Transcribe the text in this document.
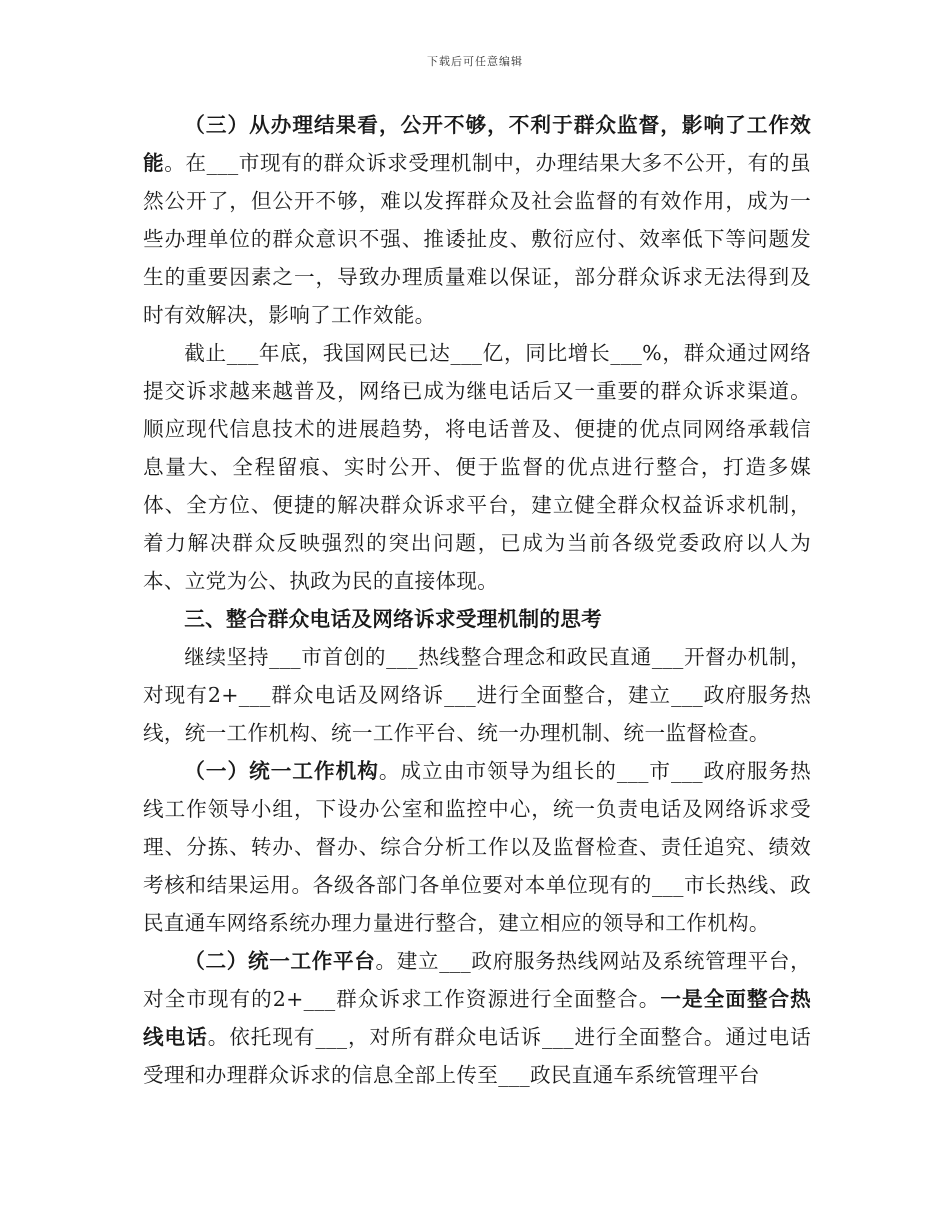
下载后可任意编辑

（三）从办理结果看，公开不够，不利于群众监督，影响了工作效能。在___市现有的群众诉求受理机制中，办理结果大多不公开，有的虽然公开了，但公开不够，难以发挥群众及社会监督的有效作用，成为一些办理单位的群众意识不强、推诿扯皮、敷衍应付、效率低下等问题发生的重要因素之一，导致办理质量难以保证，部分群众诉求无法得到及时有效解决，影响了工作效能。

截止___年底，我国网民已达___亿，同比增长___%，群众通过网络提交诉求越来越普及，网络已成为继电话后又一重要的群众诉求渠道。顺应现代信息技术的进展趋势，将电话普及、便捷的优点同网络承载信息量大、全程留痕、实时公开、便于监督的优点进行整合，打造多媒体、全方位、便捷的解决群众诉求平台，建立健全群众权益诉求机制，着力解决群众反映强烈的突出问题，已成为当前各级党委政府以人为本、立党为公、执政为民的直接体现。

三、整合群众电话及网络诉求受理机制的思考

继续坚持___市首创的___热线整合理念和政民直通___开督办机制，对现有2+___群众电话及网络诉___进行全面整合，建立___政府服务热线，统一工作机构、统一工作平台、统一办理机制、统一监督检查。

（一）统一工作机构。成立由市领导为组长的___市___政府服务热线工作领导小组，下设办公室和监控中心，统一负责电话及网络诉求受理、分拣、转办、督办、综合分析工作以及监督检查、责任追究、绩效考核和结果运用。各级各部门各单位要对本单位现有的___市长热线、政民直通车网络系统办理力量进行整合，建立相应的领导和工作机构。

（二）统一工作平台。建立___政府服务热线网站及系统管理平台，对全市现有的2+___群众诉求工作资源进行全面整合。一是全面整合热线电话。依托现有___，对所有群众电话诉___进行全面整合。通过电话受理和办理群众诉求的信息全部上传至___政民直通车系统管理平台
